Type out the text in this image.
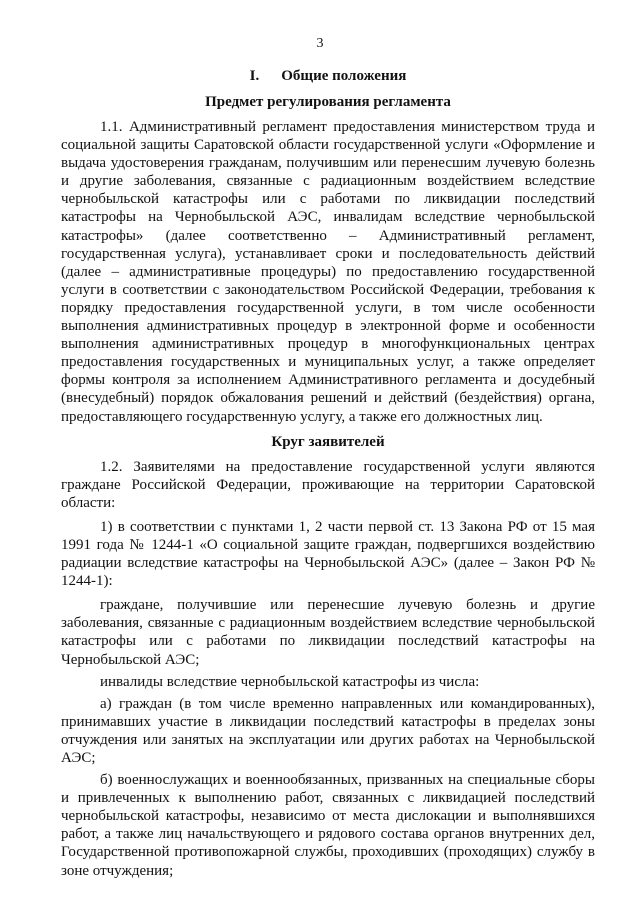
3
I. Общие положения
Предмет регулирования регламента

1.1. Административный регламент предоставления министерством труда и социальной защиты Саратовской области государственной услуги «Оформление и выдача удостоверения гражданам, получившим или перенесшим лучевую болезнь и другие заболевания, связанные с радиационным воздействием вследствие чернобыльской катастрофы или с работами по ликвидации последствий катастрофы на Чернобыльской АЭС, инвалидам вследствие чернобыльской катастрофы» (далее соответственно – Административный регламент, государственная услуга), устанавливает сроки и последовательность действий (далее – административные процедуры) по предоставлению государственной услуги в соответствии с законодательством Российской Федерации, требования к порядку предоставления государственной услуги, в том числе особенности выполнения административных процедур в электронной форме и особенности выполнения административных процедур в многофункциональных центрах предоставления государственных и муниципальных услуг, а также определяет формы контроля за исполнением Административного регламента и досудебный (внесудебный) порядок обжалования решений и действий (бездействия) органа, предоставляющего государственную услугу, а также его должностных лиц.

Круг заявителей

1.2. Заявителями на предоставление государственной услуги являются граждане Российской Федерации, проживающие на территории Саратовской области:

1) в соответствии с пунктами 1, 2 части первой ст. 13 Закона РФ от 15 мая 1991 года № 1244-1 «О социальной защите граждан, подвергшихся воздействию радиации вследствие катастрофы на Чернобыльской АЭС» (далее – Закон РФ № 1244-1):

граждане, получившие или перенесшие лучевую болезнь и другие заболевания, связанные с радиационным воздействием вследствие чернобыльской катастрофы или с работами по ликвидации последствий катастрофы на Чернобыльской АЭС;

инвалиды вследствие чернобыльской катастрофы из числа:

а) граждан (в том числе временно направленных или командированных), принимавших участие в ликвидации последствий катастрофы в пределах зоны отчуждения или занятых на эксплуатации или других работах на Чернобыльской АЭС;

б) военнослужащих и военнообязанных, призванных на специальные сборы и привлеченных к выполнению работ, связанных с ликвидацией последствий чернобыльской катастрофы, независимо от места дислокации и выполнявшихся работ, а также лиц начальствующего и рядового состава органов внутренних дел, Государственной противопожарной службы, проходивших (проходящих) службу в зоне отчуждения;
